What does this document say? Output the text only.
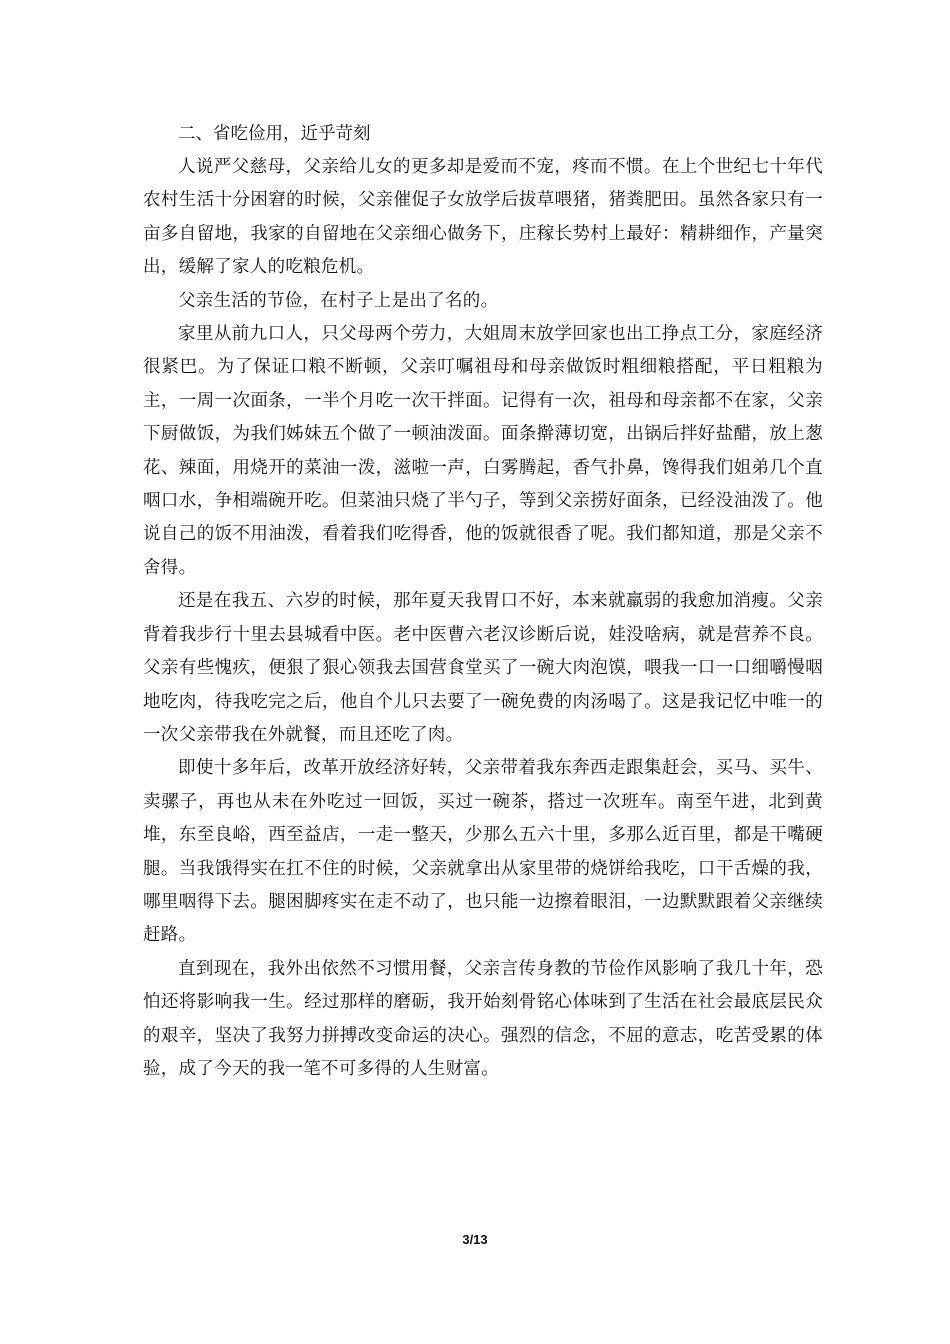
二、省吃俭用，近乎苛刻

人说严父慈母，父亲给儿女的更多却是爱而不宠，疼而不惯。在上个世纪七十年代农村生活十分困窘的时候，父亲催促子女放学后拔草喂猪，猪粪肥田。虽然各家只有一亩多自留地，我家的自留地在父亲细心做务下，庄稼长势村上最好：精耕细作，产量突出，缓解了家人的吃粮危机。

父亲生活的节俭，在村子上是出了名的。

家里从前九口人，只父母两个劳力，大姐周末放学回家也出工挣点工分，家庭经济很紧巴。为了保证口粮不断顿，父亲叮嘱祖母和母亲做饭时粗细粮搭配，平日粗粮为主，一周一次面条，一半个月吃一次干拌面。记得有一次，祖母和母亲都不在家，父亲下厨做饭，为我们姊妹五个做了一顿油泼面。面条擀薄切宽，出锅后拌好盐醋，放上葱花、辣面，用烧开的菜油一泼，滋啦一声，白雾腾起，香气扑鼻，馋得我们姐弟几个直咽口水，争相端碗开吃。但菜油只烧了半勺子，等到父亲捞好面条，已经没油泼了。他说自己的饭不用油泼，看着我们吃得香，他的饭就很香了呢。我们都知道，那是父亲不舍得。

还是在我五、六岁的时候，那年夏天我胃口不好，本来就羸弱的我愈加消瘦。父亲背着我步行十里去县城看中医。老中医曹六老汉诊断后说，娃没啥病，就是营养不良。父亲有些愧疚，便狠了狠心领我去国营食堂买了一碗大肉泡馍，喂我一口一口细嚼慢咽地吃肉，待我吃完之后，他自个儿只去要了一碗免费的肉汤喝了。这是我记忆中唯一的一次父亲带我在外就餐，而且还吃了肉。

即使十多年后，改革开放经济好转，父亲带着我东奔西走跟集赶会，买马、买牛、卖骡子，再也从未在外吃过一回饭，买过一碗茶，搭过一次班车。南至午进，北到黄堆，东至良峪，西至益店，一走一整天，少那么五六十里，多那么近百里，都是干嘴硬腿。当我饿得实在扛不住的时候，父亲就拿出从家里带的烧饼给我吃，口干舌燥的我，哪里咽得下去。腿困脚疼实在走不动了，也只能一边擦着眼泪，一边默默跟着父亲继续赶路。

直到现在，我外出依然不习惯用餐，父亲言传身教的节俭作风影响了我几十年，恐怕还将影响我一生。经过那样的磨砺，我开始刻骨铭心体味到了生活在社会最底层民众的艰辛，坚决了我努力拼搏改变命运的决心。强烈的信念，不屈的意志，吃苦受累的体验，成了今天的我一笔不可多得的人生财富。

3/13
